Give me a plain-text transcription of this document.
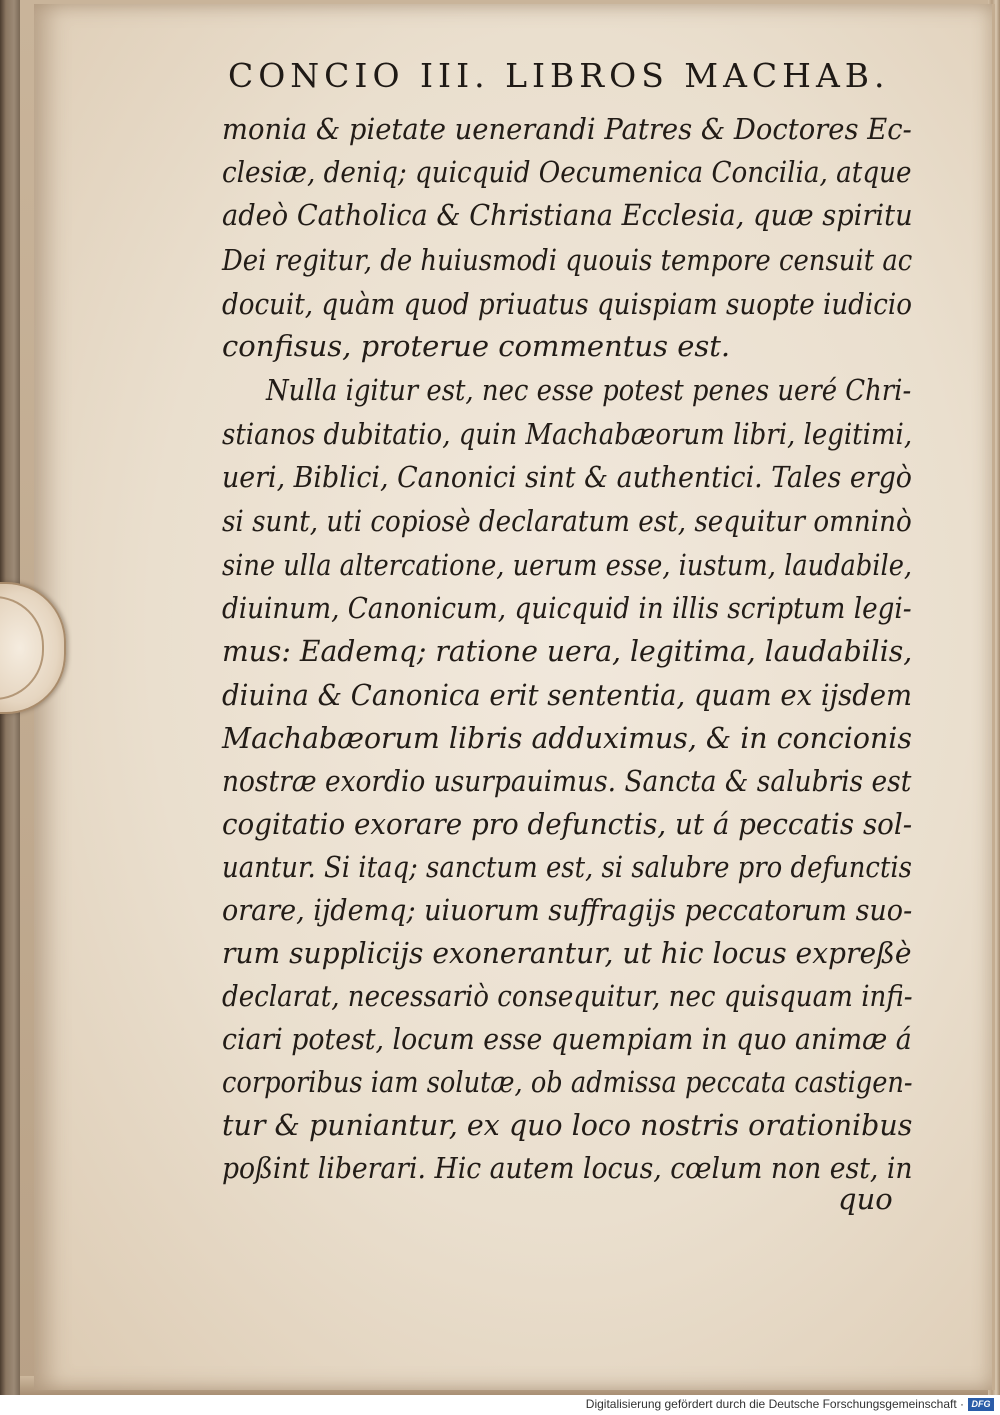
CONCIO III. LIBROS MACHAB.
monia & pietate uenerandi Patres & Doctores Ec-
clesiæ, deniq; quicquid Oecumenica Concilia, atque
adeò Catholica & Christiana Ecclesia, quæ spiritu
Dei regitur, de huiusmodi quouis tempore censuit ac
docuit, quàm quod priuatus quispiam suopte iudicio
confisus, proterue commentus est.
Nulla igitur est, nec esse potest penes ueré Chri-
stianos dubitatio, quin Machabæorum libri, legitimi,
ueri, Biblici, Canonici sint & authentici. Tales ergò
si sunt, uti copiosè declaratum est, sequitur omninò
sine ulla altercatione, uerum esse, iustum, laudabile,
diuinum, Canonicum, quicquid in illis scriptum legi-
mus: Eademq; ratione uera, legitima, laudabilis,
diuina & Canonica erit sententia, quam ex ijsdem
Machabæorum libris adduximus, & in concionis
nostræ exordio usurpauimus. Sancta & salubris est
cogitatio exorare pro defunctis, ut á peccatis sol-
uantur. Si itaq; sanctum est, si salubre pro defunctis
orare, ijdemq; uiuorum suffragijs peccatorum suo-
rum supplicijs exonerantur, ut hic locus expreßè
declarat, necessariò consequitur, nec quisquam infi-
ciari potest, locum esse quempiam in quo animæ á
corporibus iam solutæ, ob admissa peccata castigen-
tur & puniantur, ex quo loco nostris orationibus
poßint liberari. Hic autem locus, cœlum non est, in
quo
Digitalisierung gefördert durch die Deutsche Forschungsgemeinschaft · DFG
